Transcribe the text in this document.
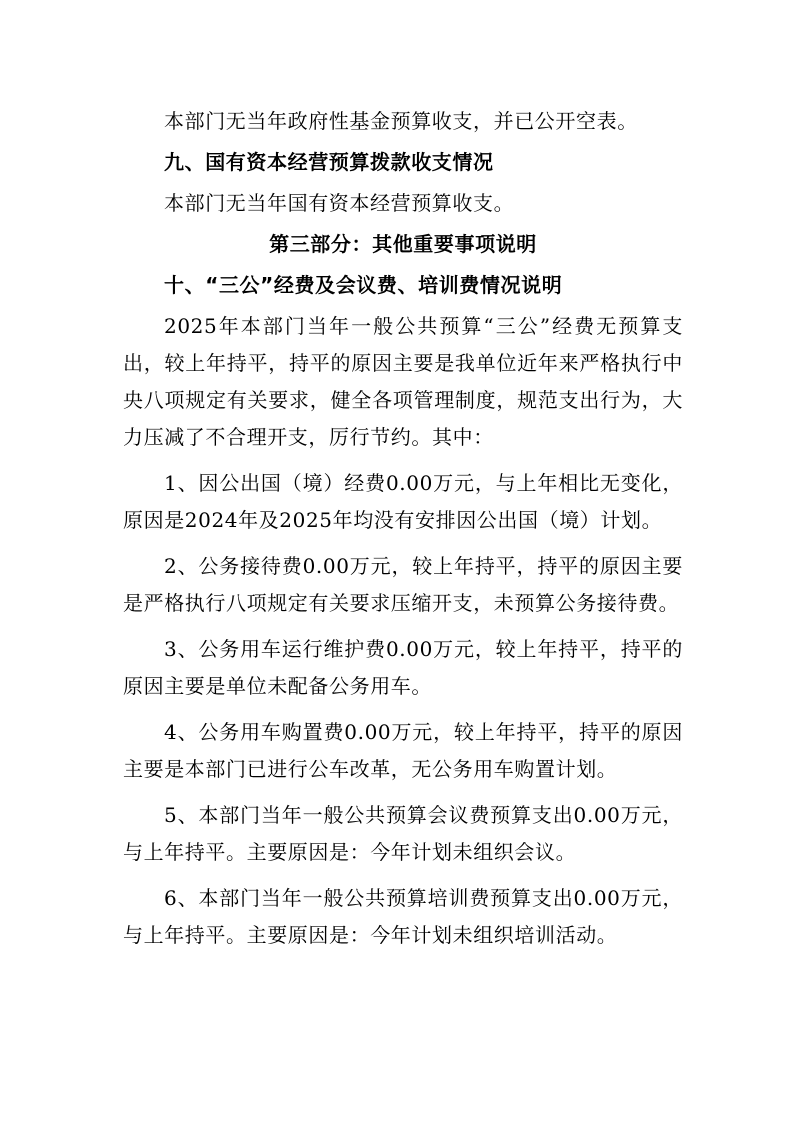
本部门无当年政府性基金预算收支，并已公开空表。

九、国有资本经营预算拨款收支情况

本部门无当年国有资本经营预算收支。

第三部分：其他重要事项说明

十、“三公”经费及会议费、培训费情况说明

2025年本部门当年一般公共预算“三公”经费无预算支出，较上年持平，持平的原因主要是我单位近年来严格执行中央八项规定有关要求，健全各项管理制度，规范支出行为，大力压减了不合理开支，厉行节约。其中：

1、因公出国（境）经费0.00万元，与上年相比无变化，原因是2024年及2025年均没有安排因公出国（境）计划。

2、公务接待费0.00万元，较上年持平，持平的原因主要是严格执行八项规定有关要求压缩开支，未预算公务接待费。

3、公务用车运行维护费0.00万元，较上年持平，持平的原因主要是单位未配备公务用车。

4、公务用车购置费0.00万元，较上年持平，持平的原因主要是本部门已进行公车改革，无公务用车购置计划。

5、本部门当年一般公共预算会议费预算支出0.00万元，与上年持平。主要原因是：今年计划未组织会议。

6、本部门当年一般公共预算培训费预算支出0.00万元，与上年持平。主要原因是：今年计划未组织培训活动。
